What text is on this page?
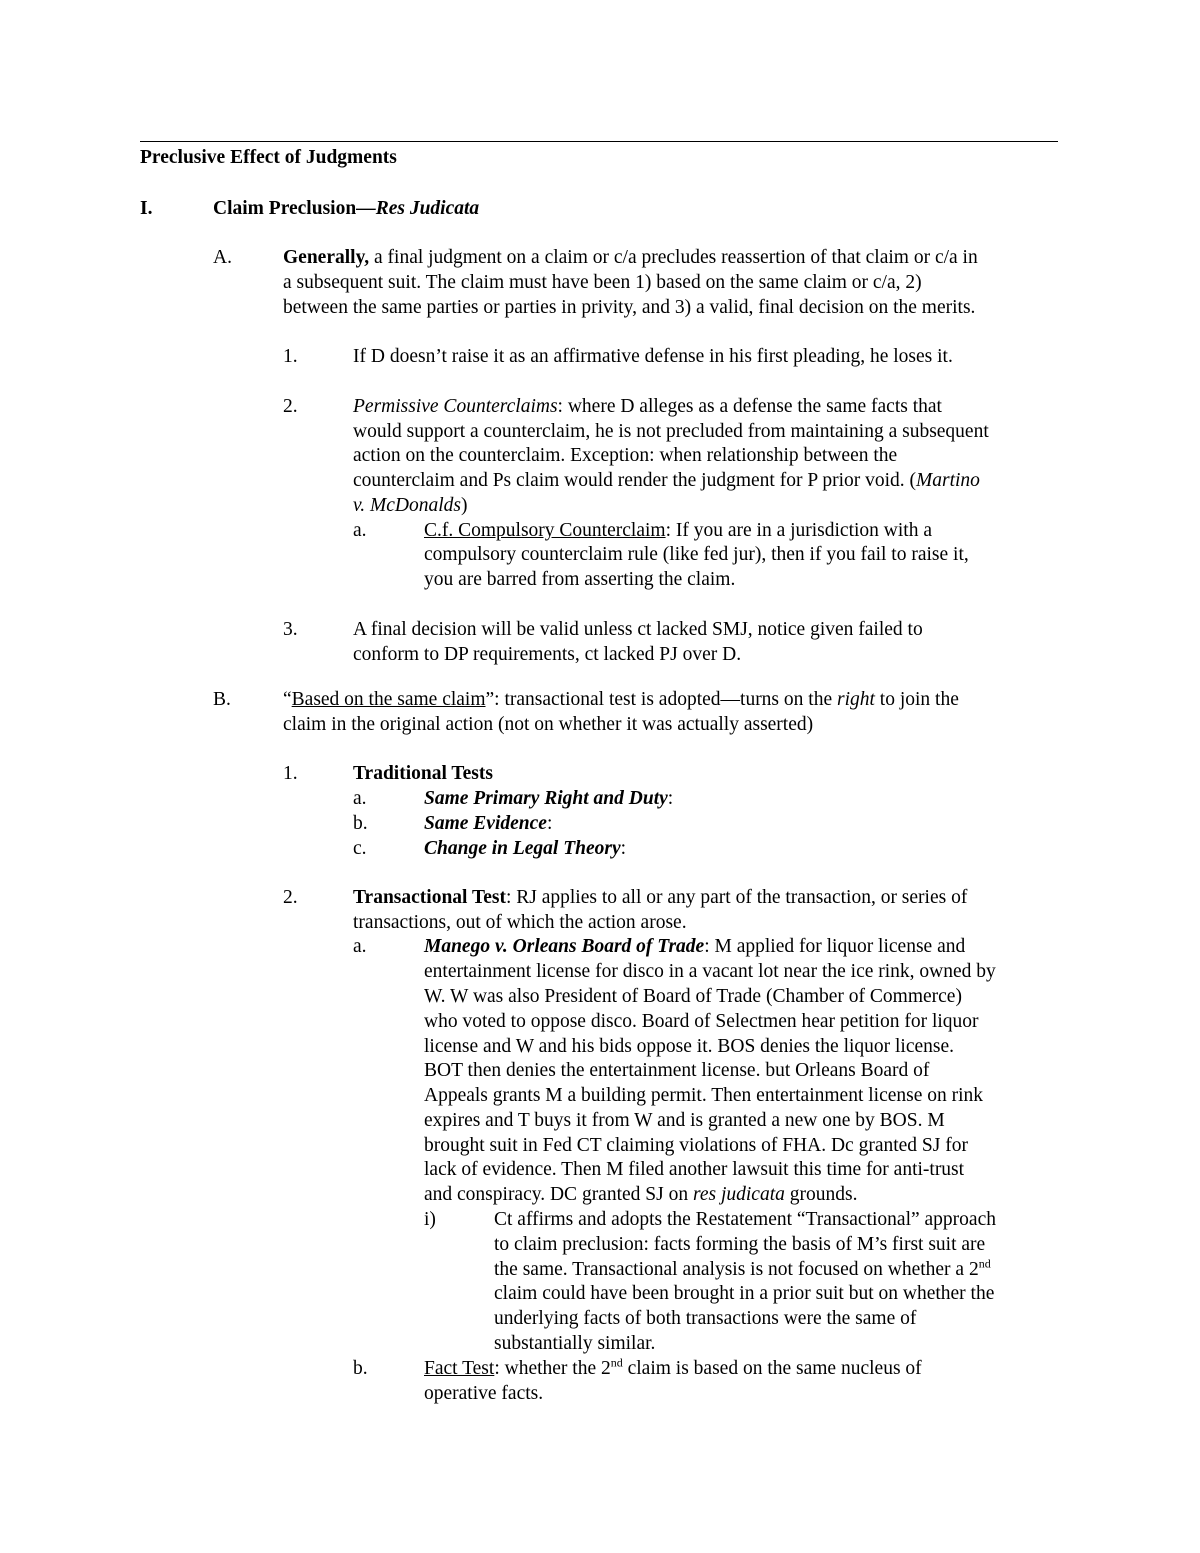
Preclusive Effect of Judgments
I.	Claim Preclusion—Res Judicata
A.	Generally, a final judgment on a claim or c/a precludes reassertion of that claim or c/a in
a subsequent suit. The claim must have been 1) based on the same claim or c/a, 2)
between the same parties or parties in privity, and 3) a valid, final decision on the merits.
1.	If D doesn’t raise it as an affirmative defense in his first pleading, he loses it.
2.	Permissive Counterclaims: where D alleges as a defense the same facts that
would support a counterclaim, he is not precluded from maintaining a subsequent
action on the counterclaim. Exception: when relationship between the
counterclaim and Ps claim would render the judgment for P prior void. (Martino
v. McDonalds)
a.	C.f. Compulsory Counterclaim: If you are in a jurisdiction with a
compulsory counterclaim rule (like fed jur), then if you fail to raise it,
you are barred from asserting the claim.
3.	A final decision will be valid unless ct lacked SMJ, notice given failed to
conform to DP requirements, ct lacked PJ over D.
B.	“Based on the same claim”: transactional test is adopted—turns on the right to join the
claim in the original action (not on whether it was actually asserted)
1.	Traditional Tests
a.	Same Primary Right and Duty:
b.	Same Evidence:
c.	Change in Legal Theory:
2.	Transactional Test: RJ applies to all or any part of the transaction, or series of
transactions, out of which the action arose.
a.	Manego v. Orleans Board of Trade: M applied for liquor license and
entertainment license for disco in a vacant lot near the ice rink, owned by
W. W was also President of Board of Trade (Chamber of Commerce)
who voted to oppose disco. Board of Selectmen hear petition for liquor
license and W and his bids oppose it. BOS denies the liquor license.
BOT then denies the entertainment license. but Orleans Board of
Appeals grants M a building permit. Then entertainment license on rink
expires and T buys it from W and is granted a new one by BOS. M
brought suit in Fed CT claiming violations of FHA. Dc granted SJ for
lack of evidence. Then M filed another lawsuit this time for anti-trust
and conspiracy. DC granted SJ on res judicata grounds.
i)	Ct affirms and adopts the Restatement “Transactional” approach
to claim preclusion: facts forming the basis of M’s first suit are
the same. Transactional analysis is not focused on whether a 2nd
claim could have been brought in a prior suit but on whether the
underlying facts of both transactions were the same of
substantially similar.
b.	Fact Test: whether the 2nd claim is based on the same nucleus of
operative facts.
